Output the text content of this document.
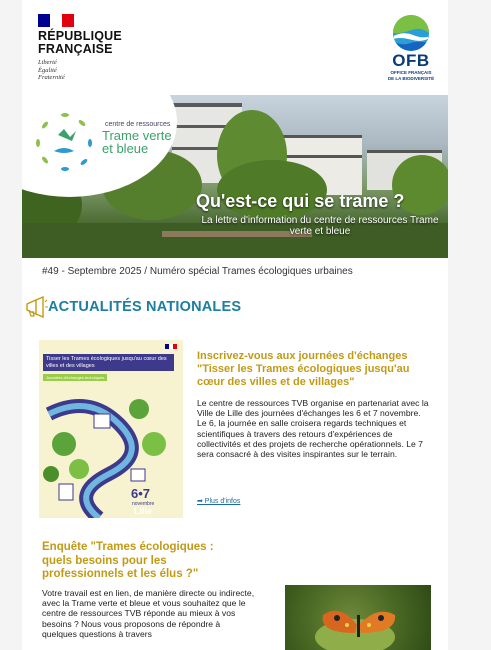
RÉPUBLIQUE
FRANÇAISE
Liberté
Égalité
Fraternité
OFB
OFFICE FRANÇAIS
DE LA BIODIVERSITÉ
centre de ressources
Trame verte
et bleue
Qu'est-ce qui se trame ?
La lettre d'information du centre de ressources Trame verte et bleue
#49 - Septembre 2025 / Numéro spécial Trames écologiques urbaines
ACTUALITÉS NATIONALES
Tisser les Trames écologiques jusqu'au cœur des villes et des villages
Journées d'échanges techniques
6•7
novembre
Lille
Inscrivez-vous aux journées d'échanges "Tisser les Trames écologiques jusqu'au cœur des villes et de villages"
Le centre de ressources TVB organise en partenariat avec la Ville de Lille des journées d'échanges les 6 et 7 novembre. Le 6, la journée en salle croisera regards techniques et scientifiques à travers des retours d'expériences de collectivités et des projets de recherche opérationnels. Le 7 sera consacré à des visites inspirantes sur le terrain.
➡ Plus d'infos
Enquête "Trames écologiques : quels besoins pour les professionnels et les élus ?"
Votre travail est en lien, de manière directe ou indirecte, avec la Trame verte et bleue et vous souhaitez que le centre de ressources TVB réponde au mieux à vos besoins ? Nous vous proposons de répondre à quelques questions à travers
